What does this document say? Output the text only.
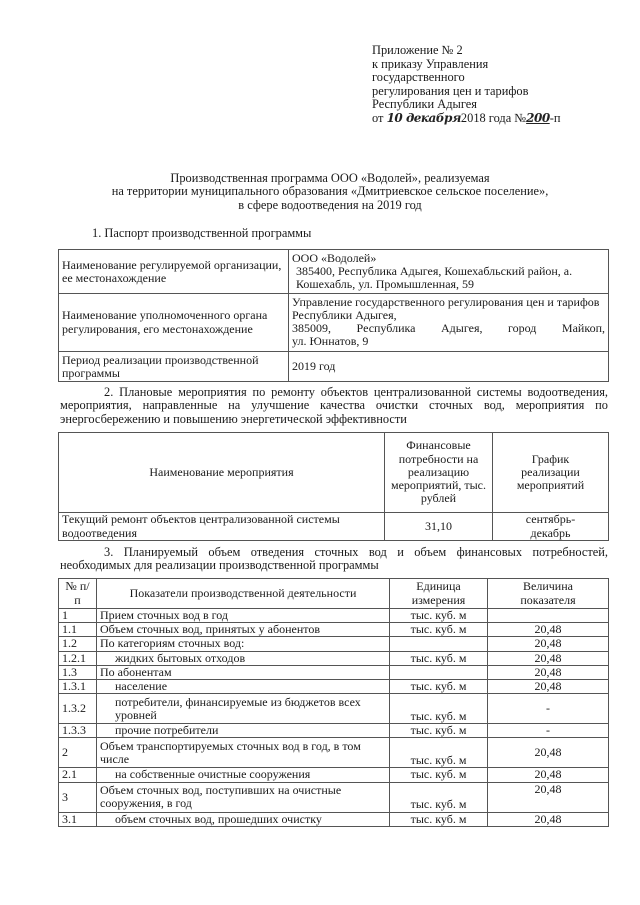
Приложение № 2
к приказу Управления
государственного
регулирования цен и тарифов
Республики Адыгея
от 10 декабря2018 года №200-п
Производственная программа ООО «Водолей», реализуемая
на территории муниципального образования «Дмитриевское сельское поселение»,
в сфере водоотведения на 2019 год
1. Паспорт производственной программы
Наименование регулируемой организации, ее местонахождение	ООО «Водолей»
385400, Республика Адыгея, Кошехабльский район, а. Кошехабль, ул. Промышленная, 59

Наименование уполномоченного органа регулирования, его местонахождение	Управление государственного регулирования цен и тарифов Республики Адыгея,
385009, Республика Адыгея, город Майкоп,
ул. Юннатов, 9

Период реализации производственной программы	2019 год
2. Плановые мероприятия по ремонту объектов централизованной системы водоотведения, мероприятия, направленные на улучшение качества очистки сточных вод, мероприятия по энергосбережению и повышению энергетической эффективности
Наименование мероприятия	Финансовые потребности на реализацию мероприятий, тыс. рублей	График реализации мероприятий
Текущий ремонт объектов централизованной системы водоотведения	31,10	сентябрь-декабрь
3. Планируемый объем отведения сточных вод и объем финансовых потребностей, необходимых для реализации производственной программы
№ п/п	Показатели производственной деятельности	Единица измерения	Величина показателя
1	Прием сточных вод в год	тыс. куб. м	
1.1	Объем сточных вод, принятых у абонентов	тыс. куб. м	20,48
1.2	По категориям сточных вод:		20,48
1.2.1	жидких бытовых отходов	тыс. куб. м	20,48
1.3	По абонентам		20,48
1.3.1	население	тыс. куб. м	20,48
1.3.2	потребители, финансируемые из бюджетов всех уровней	тыс. куб. м	-
1.3.3	прочие потребители	тыс. куб. м	-
2	Объем транспортируемых сточных вод в год, в том числе	тыс. куб. м	20,48
2.1	на собственные очистные сооружения	тыс. куб. м	20,48
3	Объем сточных вод, поступивших на очистные сооружения, в год	тыс. куб. м	20,48
3.1	объем сточных вод, прошедших очистку	тыс. куб. м	20,48
